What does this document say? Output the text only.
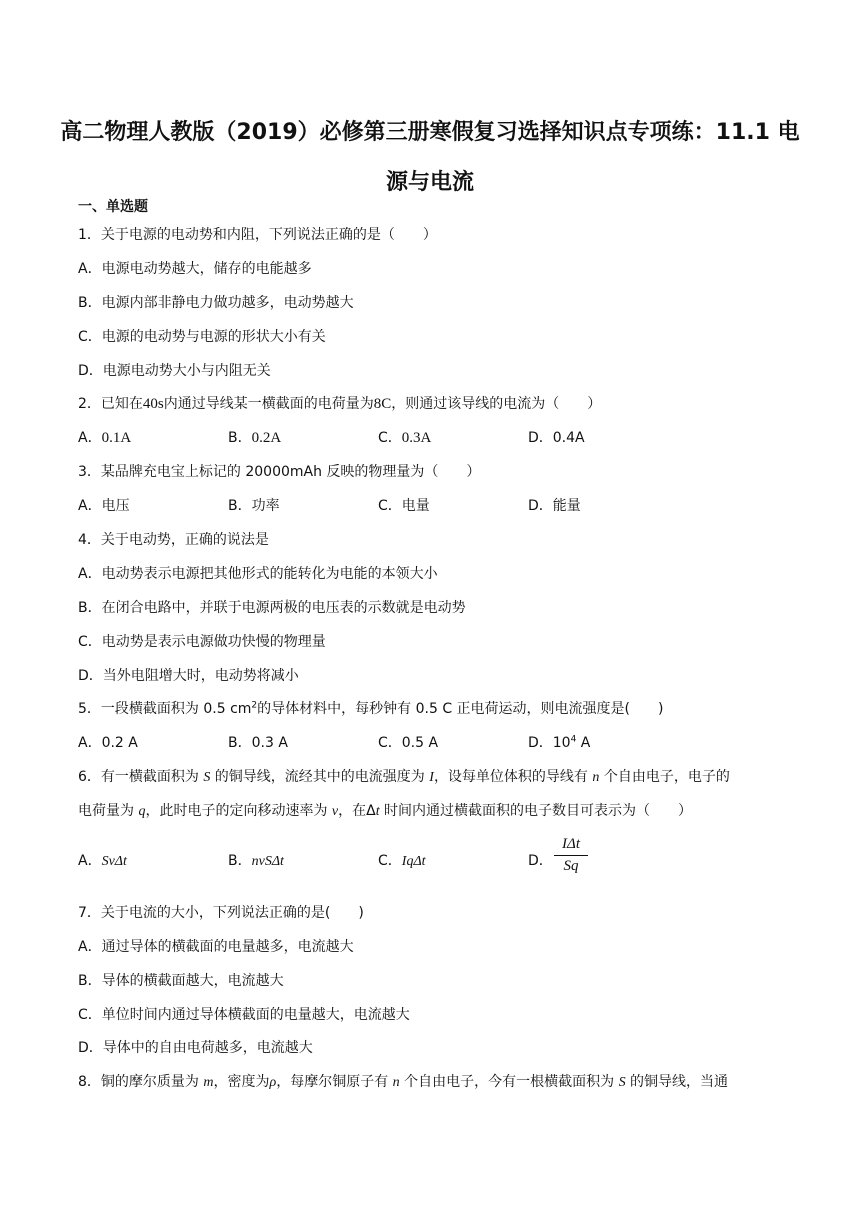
高二物理人教版（2019）必修第三册寒假复习选择知识点专项练：11.1 电
源与电流
一、单选题
1．关于电源的电动势和内阻，下列说法正确的是（　　）
A．电源电动势越大，储存的电能越多
B．电源内部非静电力做功越多，电动势越大
C．电源的电动势与电源的形状大小有关
D．电源电动势大小与内阻无关
2．已知在40s内通过导线某一横截面的电荷量为8C，则通过该导线的电流为（　　）
A．0.1A	B．0.2A	C．0.3A	D．0.4A
3．某品牌充电宝上标记的 20000mAh 反映的物理量为（　　）
A．电压	B．功率	C．电量	D．能量
4．关于电动势，正确的说法是
A．电动势表示电源把其他形式的能转化为电能的本领大小
B．在闭合电路中，并联于电源两极的电压表的示数就是电动势
C．电动势是表示电源做功快慢的物理量
D．当外电阻增大时，电动势将减小
5．一段横截面积为 0.5 $cm^2$的导体材料中，每秒钟有 0.5 C 正电荷运动，则电流强度是(　　)
A．0.2 A	B．0.3 A	C．0.5 A	D．$10^4$ A
6．有一横截面积为 S 的铜导线，流经其中的电流强度为 I，设每单位体积的导线有 n 个自由电子，电子的
电荷量为 q，此时电子的定向移动速率为 v，在Δt 时间内通过横截面积的电子数目可表示为（　　）
A．SvΔt	B．nvSΔt	C．IqΔt	D．
IΔt
Sq
7．关于电流的大小，下列说法正确的是(　　)
A．通过导体的横截面的电量越多，电流越大
B．导体的横截面越大，电流越大
C．单位时间内通过导体横截面的电量越大，电流越大
D．导体中的自由电荷越多，电流越大
8．铜的摩尔质量为 m，密度为ρ，每摩尔铜原子有 n 个自由电子，今有一根横截面积为 S 的铜导线，当通
